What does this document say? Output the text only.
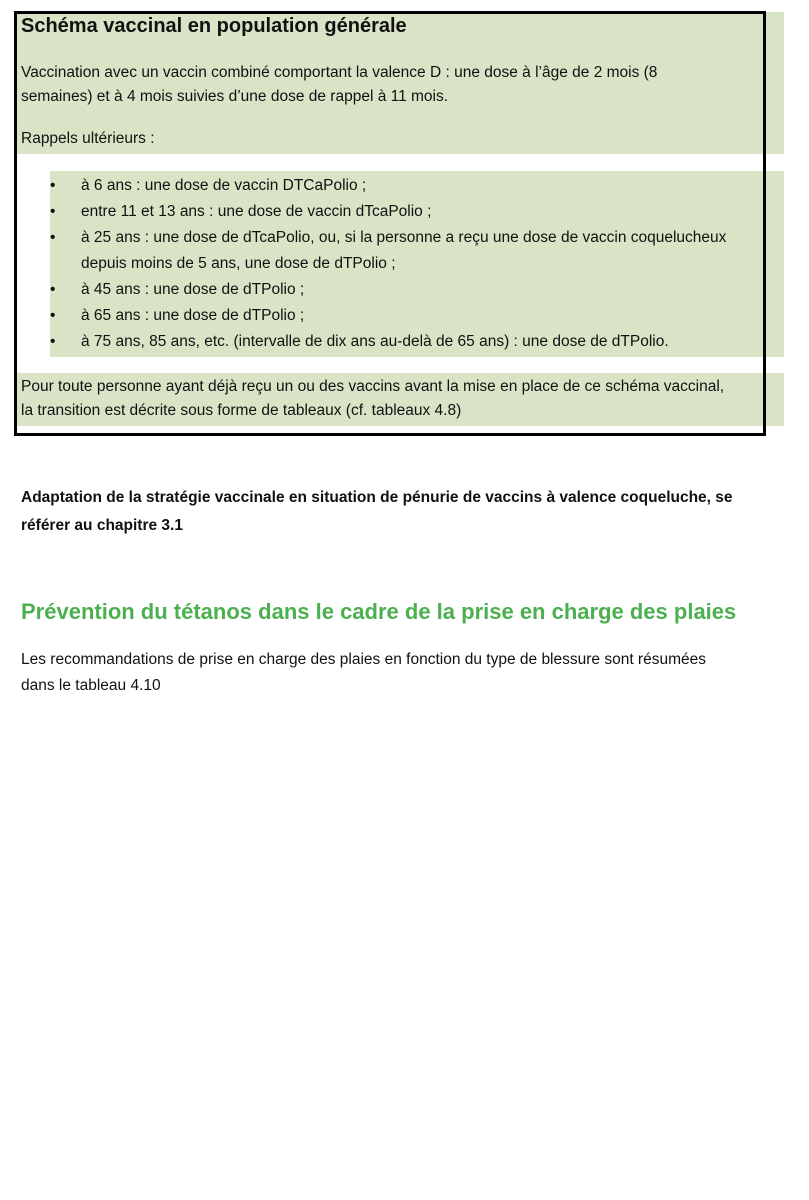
Schéma vaccinal en population générale

Vaccination avec un vaccin combiné comportant la valence D : une dose à l’âge de 2 mois (8

semaines) et à 4 mois suivies d’une dose de rappel à 11 mois.

Rappels ultérieurs :

• à 6 ans : une dose de vaccin DTCaPolio ;
• entre 11 et 13 ans : une dose de vaccin dTcaPolio ;
• à 25 ans : une dose de dTcaPolio, ou, si la personne a reçu une dose de vaccin coquelucheux
depuis moins de 5 ans, une dose de dTPolio ;
• à 45 ans : une dose de dTPolio ;
• à 65 ans : une dose de dTPolio ;
• à 75 ans, 85 ans, etc. (intervalle de dix ans au-delà de 65 ans) : une dose de dTPolio.

Pour toute personne ayant déjà reçu un ou des vaccins avant la mise en place de ce schéma vaccinal,

la transition est décrite sous forme de tableaux (cf. tableaux 4.8)

Adaptation de la stratégie vaccinale en situation de pénurie de vaccins à valence coqueluche, se
référer au chapitre 3.1

Prévention du tétanos dans le cadre de la prise en charge des plaies

Les recommandations de prise en charge des plaies en fonction du type de blessure sont résumées
dans le tableau 4.10
